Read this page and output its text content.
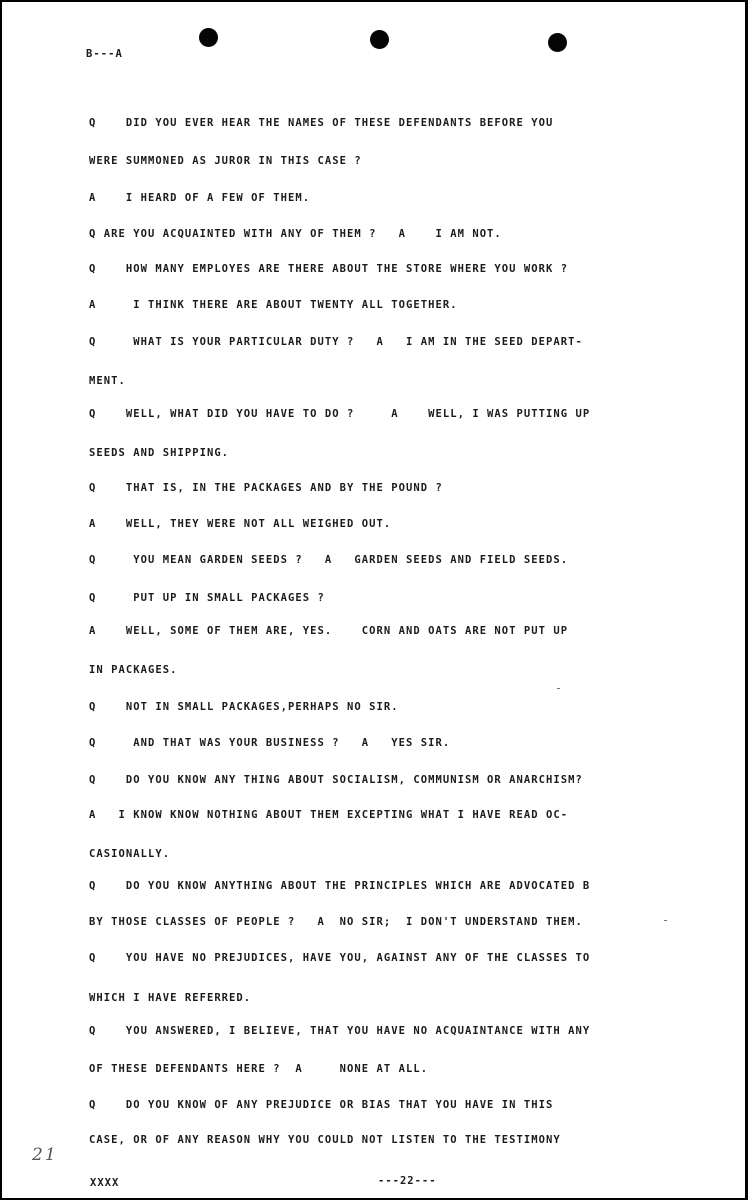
B---A
Q    DID YOU EVER HEAR THE NAMES OF THESE DEFENDANTS BEFORE YOU
WERE SUMMONED AS JUROR IN THIS CASE ?
A    I HEARD OF A FEW OF THEM.
Q ARE YOU ACQUAINTED WITH ANY OF THEM ?   A    I AM NOT.
Q    HOW MANY EMPLOYES ARE THERE ABOUT THE STORE WHERE YOU WORK ?
A     I THINK THERE ARE ABOUT TWENTY ALL TOGETHER.
Q     WHAT IS YOUR PARTICULAR DUTY ?   A   I AM IN THE SEED DEPART-
MENT.
Q    WELL, WHAT DID YOU HAVE TO DO ?     A    WELL, I WAS PUTTING UP
SEEDS AND SHIPPING.
Q    THAT IS, IN THE PACKAGES AND BY THE POUND ?
A    WELL, THEY WERE NOT ALL WEIGHED OUT.
Q     YOU MEAN GARDEN SEEDS ?   A   GARDEN SEEDS AND FIELD SEEDS.
Q     PUT UP IN SMALL PACKAGES ?
A    WELL, SOME OF THEM ARE, YES.    CORN AND OATS ARE NOT PUT UP
IN PACKAGES.
Q    NOT IN SMALL PACKAGES,PERHAPS NO SIR.
Q     AND THAT WAS YOUR BUSINESS ?   A   YES SIR.
Q    DO YOU KNOW ANY THING ABOUT SOCIALISM, COMMUNISM OR ANARCHISM?
A   I KNOW KNOW NOTHING ABOUT THEM EXCEPTING WHAT I HAVE READ OC-
CASIONALLY.
Q    DO YOU KNOW ANYTHING ABOUT THE PRINCIPLES WHICH ARE ADVOCATED B
BY THOSE CLASSES OF PEOPLE ?   A  NO SIR;  I DON'T UNDERSTAND THEM.
Q    YOU HAVE NO PREJUDICES, HAVE YOU, AGAINST ANY OF THE CLASSES TO
WHICH I HAVE REFERRED.
Q    YOU ANSWERED, I BELIEVE, THAT YOU HAVE NO ACQUAINTANCE WITH ANY
OF THESE DEFENDANTS HERE ?  A     NONE AT ALL.
Q    DO YOU KNOW OF ANY PREJUDICE OR BIAS THAT YOU HAVE IN THIS
CASE, OR OF ANY REASON WHY YOU COULD NOT LISTEN TO THE TESTIMONY
21
XXXX	---22---
